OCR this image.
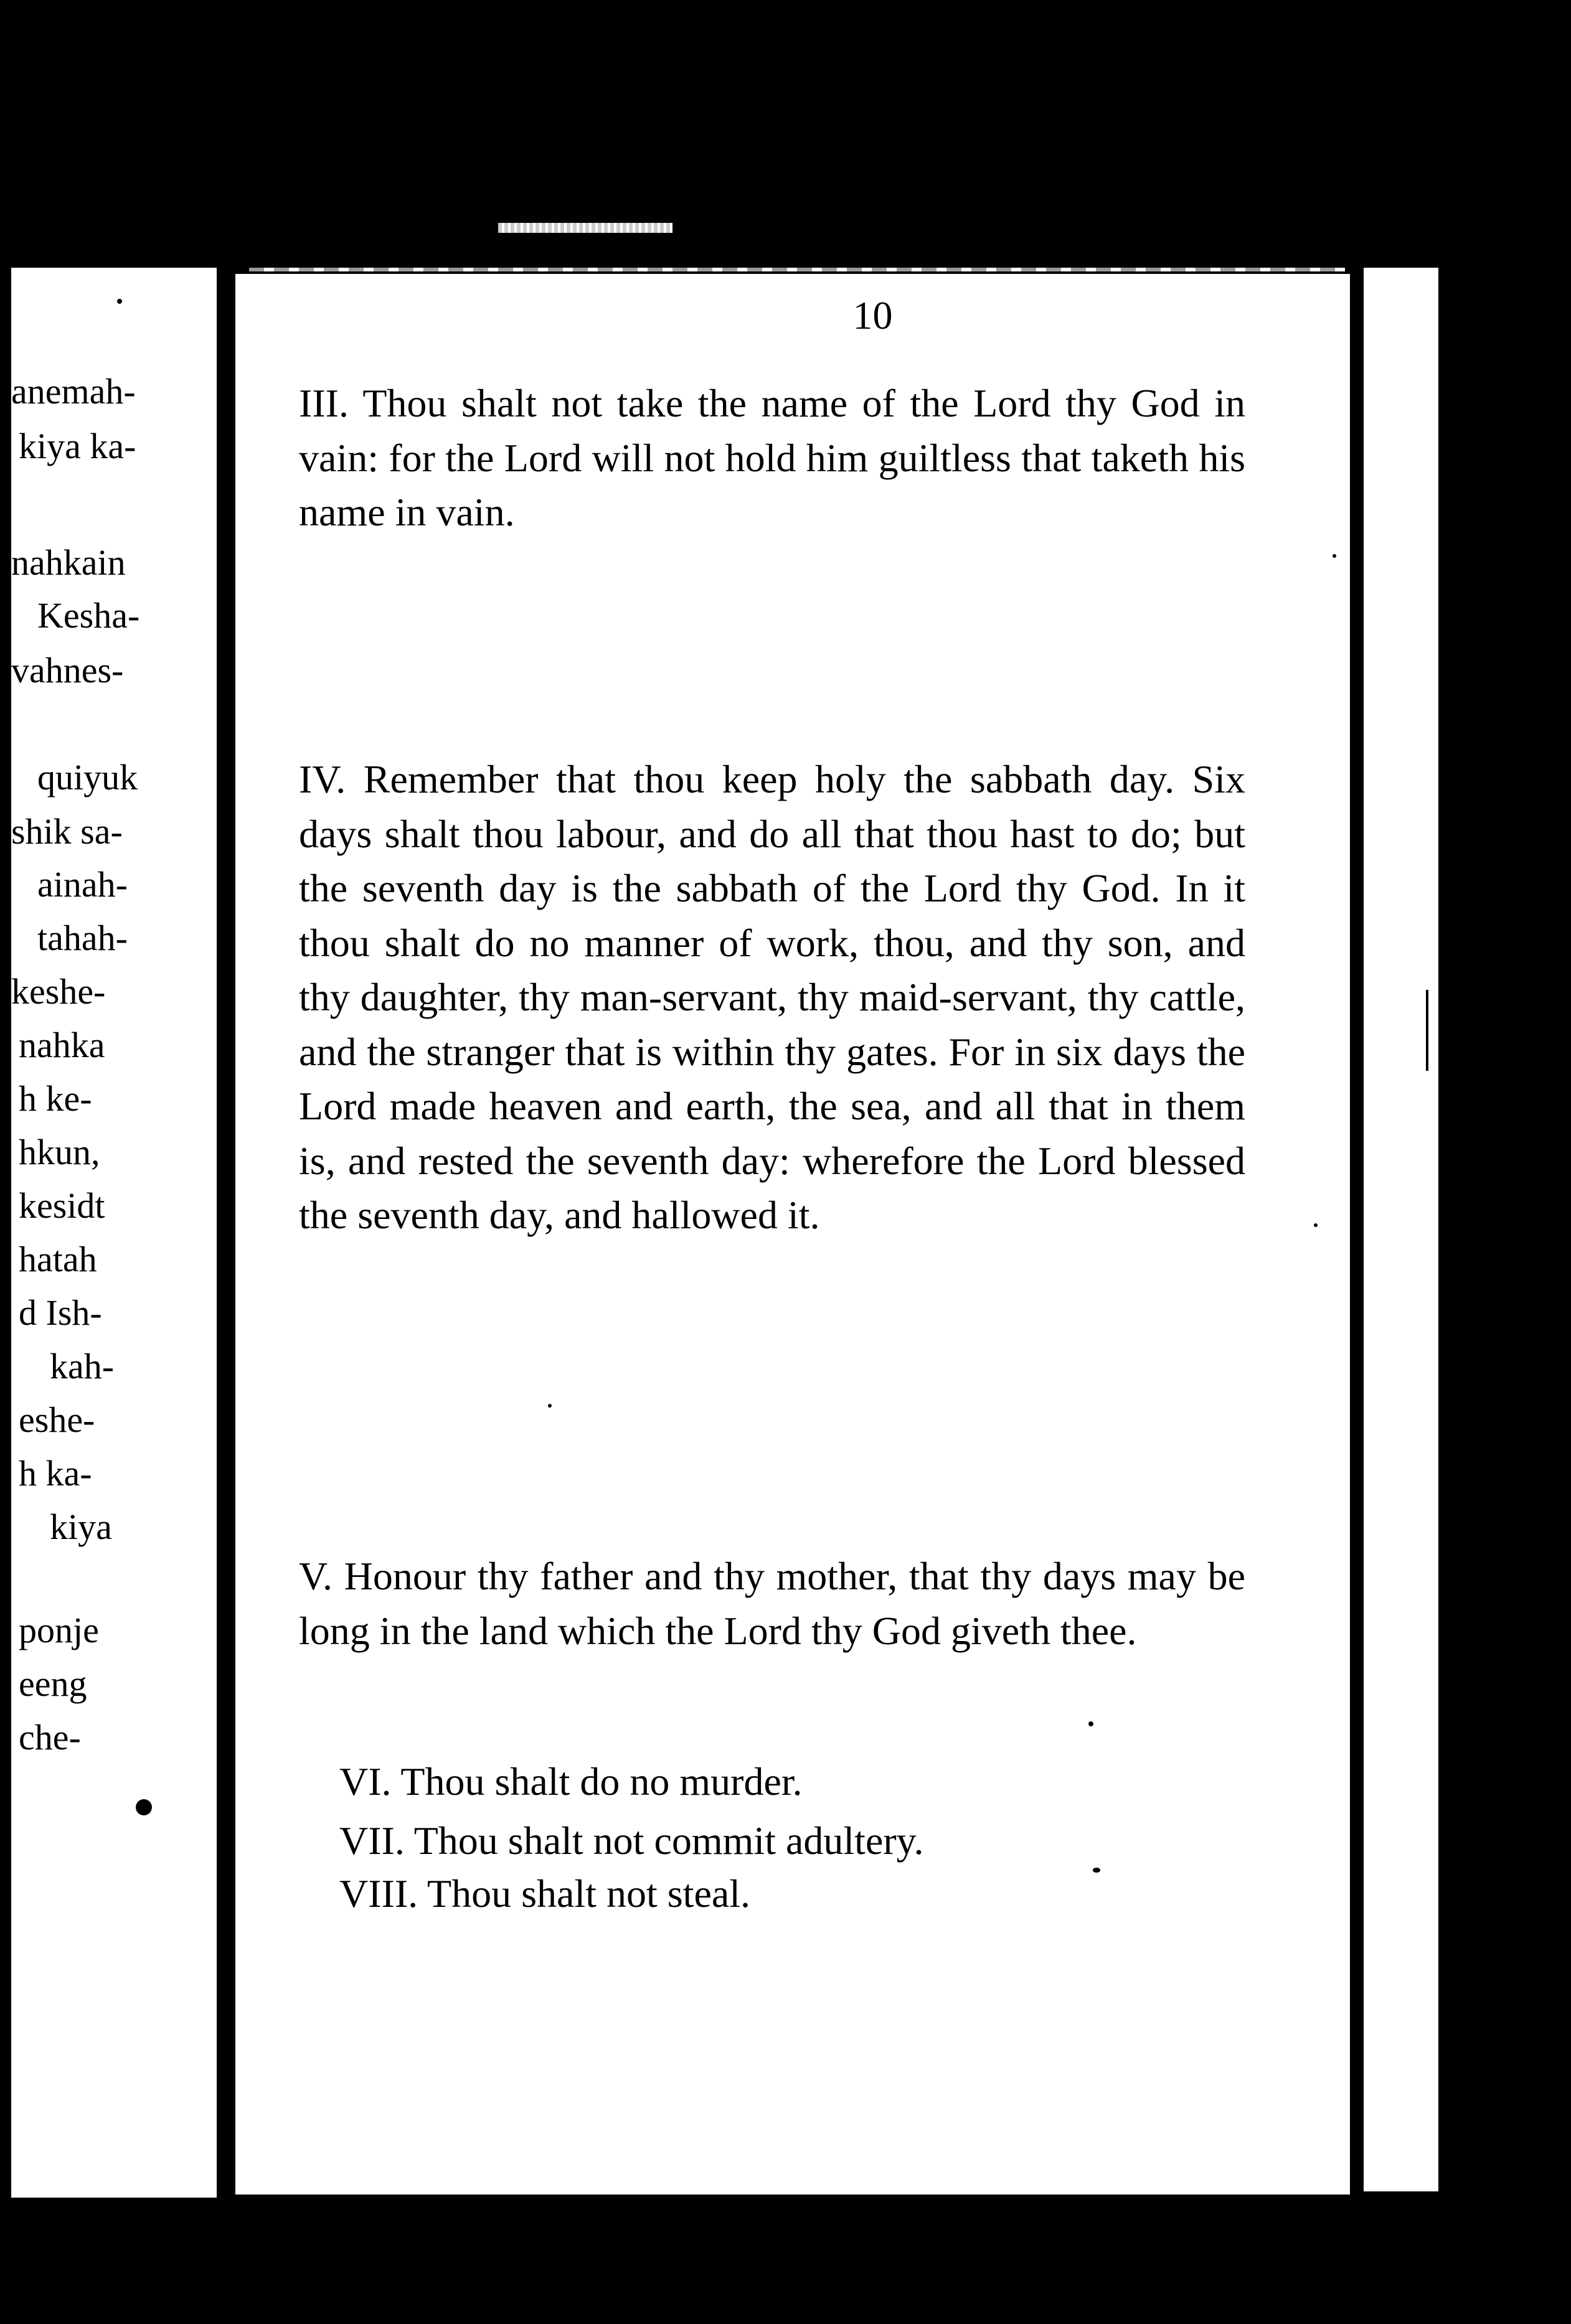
anemah-
kiya ka-
nahkain
Kesha-
vahnes-
quiyuk
shik sa-
ainah-
tahah-
keshe-
nahka
h ke-
hkun,
kesidt
hatah
d Ish-
kah-
eshe-
h ka-
kiya
ponje
eeng
che-
10
III. Thou shalt not take the name of the Lord thy God in vain: for the Lord will not hold him guiltless that taketh his name in vain.
IV. Remember that thou keep holy the sabbath day. Six days shalt thou labour, and do all that thou hast to do; but the seventh day is the sabbath of the Lord thy God. In it thou shalt do no manner of work, thou, and thy son, and thy daughter, thy man-servant, thy maid-servant, thy cattle, and the stranger that is within thy gates. For in six days the Lord made heaven and earth, the sea, and all that in them is, and rested the seventh day: wherefore the Lord blessed the seventh day, and hallowed it.
V. Honour thy father and thy mother, that thy days may be long in the land which the Lord thy God giveth thee.
VI. Thou shalt do no murder.
VII. Thou shalt not commit adultery.
VIII. Thou shalt not steal.
